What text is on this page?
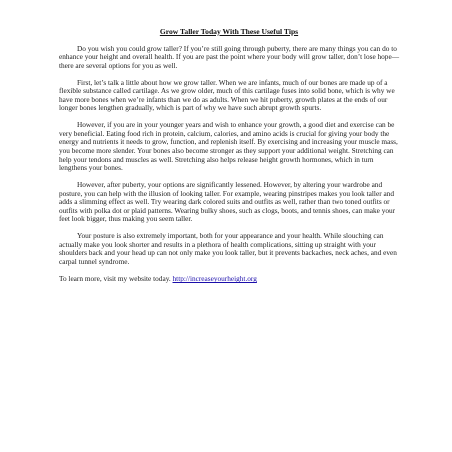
Grow Taller Today With These Useful Tips

Do you wish you could grow taller? If you’re still going through puberty, there are many things you can do to enhance your height and overall health. If you are past the point where your body will grow taller, don’t lose hope—there are several options for you as well.

First, let’s talk a little about how we grow taller. When we are infants, much of our bones are made up of a flexible substance called cartilage. As we grow older, much of this cartilage fuses into solid bone, which is why we have more bones when we’re infants than we do as adults. When we hit puberty, growth plates at the ends of our longer bones lengthen gradually, which is part of why we have such abrupt growth spurts.

However, if you are in your younger years and wish to enhance your growth, a good diet and exercise can be very beneficial. Eating food rich in protein, calcium, calories, and amino acids is crucial for giving your body the energy and nutrients it needs to grow, function, and replenish itself. By exercising and increasing your muscle mass, you become more slender. Your bones also become stronger as they support your additional weight. Stretching can help your tendons and muscles as well. Stretching also helps release height growth hormones, which in turn lengthens your bones.

However, after puberty, your options are significantly lessened. However, by altering your wardrobe and posture, you can help with the illusion of looking taller. For example, wearing pinstripes makes you look taller and adds a slimming effect as well. Try wearing dark colored suits and outfits as well, rather than two toned outfits or outfits with polka dot or plaid patterns. Wearing bulky shoes, such as clogs, boots, and tennis shoes, can make your feet look bigger, thus making you seem taller.

Your posture is also extremely important, both for your appearance and your health. While slouching can actually make you look shorter and results in a plethora of health complications, sitting up straight with your shoulders back and your head up can not only make you look taller, but it prevents backaches, neck aches, and even carpal tunnel syndrome.

To learn more, visit my website today. http://increaseyourheight.org
